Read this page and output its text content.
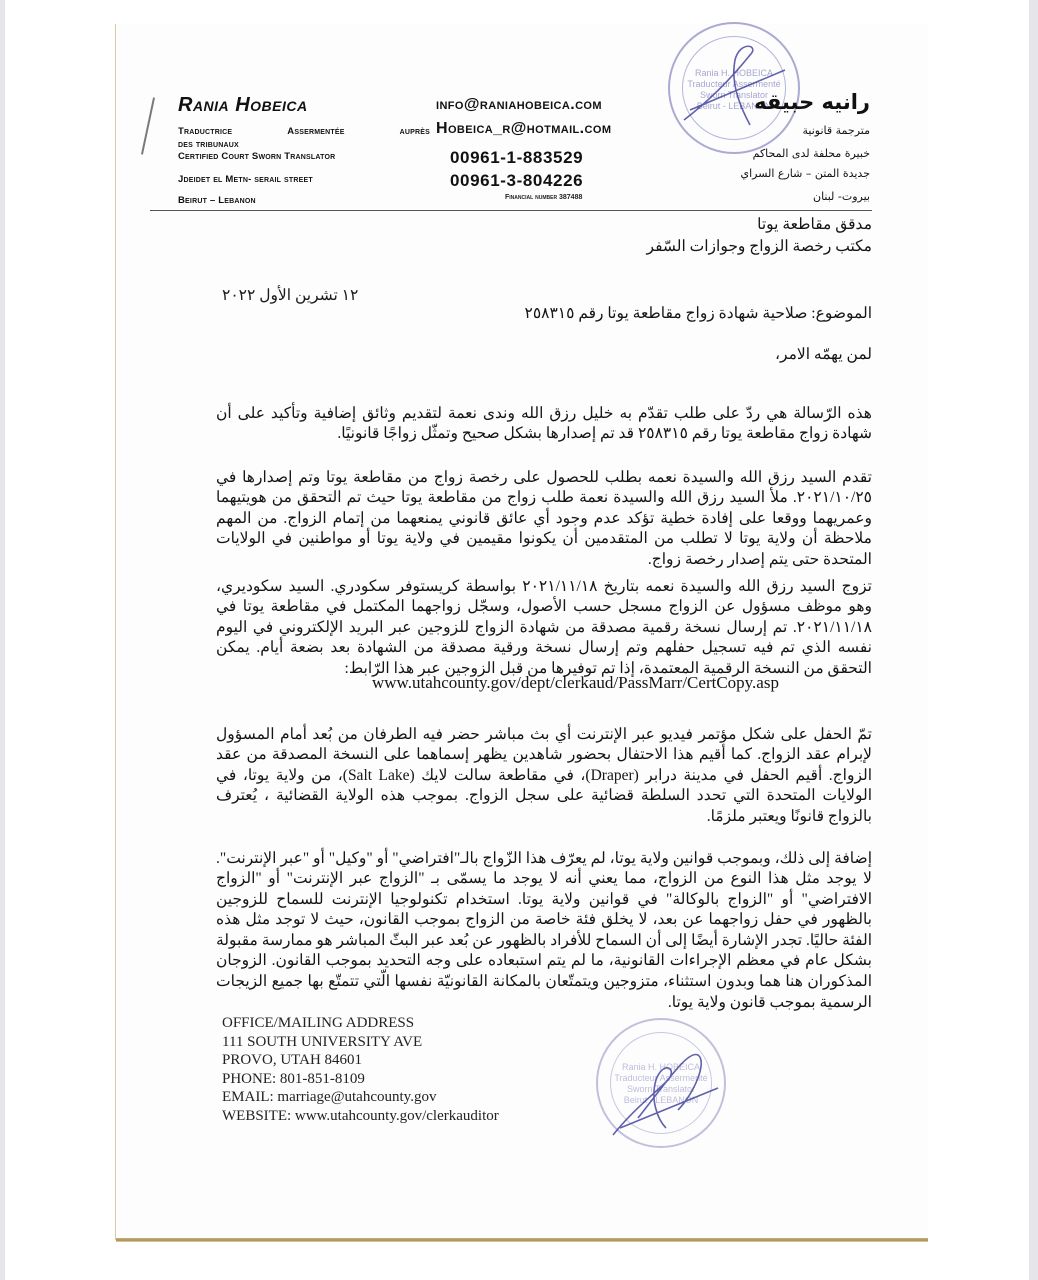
Rania Hobeica
Traductrice	Assermentée	auprès
des tribunaux
Certified Court Sworn Translator
Jdeidet el Metn- serail street
Beirut – Lebanon
info@raniahobeica.com
Hobeica_r@hotmail.com
00961-1-883529
00961-3-804226
Financial number 387488
Rania H. HOBEICA
Traducteur Assermenté
Sworn Translator
Beirut - LEBANON
رانيه حبيقه
مترجمة قانونية
خبيرة محلفة لدى المحاكم
جديدة المتن – شارع السراي
بيروت- لبنان
مدقق مقاطعة يوتا
مكتب رخصة الزواج وجوازات السّفر
١٢ تشرين الأول ٢٠٢٢
الموضوع: صلاحية شهادة زواج مقاطعة يوتا رقم ٢٥٨٣١٥
لمن يهمّه الامر،

هذه الرّسالة هي ردّ على طلب تقدّم به خليل رزق الله وندى نعمة لتقديم وثائق إضافية وتأكيد على أن شهادة زواج مقاطعة يوتا رقم ٢٥٨٣١٥ قد تم إصدارها بشكل صحيح وتمثّل زواجًا قانونيًا.

تقدم السيد رزق الله والسيدة نعمه بطلب للحصول على رخصة زواج من مقاطعة يوتا وتم إصدارها في ٢٠٢١/١٠/٢٥. ملأ السيد رزق الله والسيدة نعمة طلب زواج من مقاطعة يوتا حيث تم التحقق من هويتيهما وعمريهما ووقعا على إفادة خطية تؤكد عدم وجود أي عائق قانوني يمنعهما من إتمام الزواج. من المهم ملاحظة أن ولاية يوتا لا تطلب من المتقدمين أن يكونوا مقيمين في ولاية يوتا أو مواطنين في الولايات المتحدة حتى يتم إصدار رخصة زواج.

تزوج السيد رزق الله والسيدة نعمه بتاريخ ٢٠٢١/١١/١٨ بواسطة كريستوفر سكودري. السيد سكوديري، وهو موظف مسؤول عن الزواج مسجل حسب الأصول، وسجّل زواجهما المكتمل في مقاطعة يوتا في ٢٠٢١/١١/١٨. تم إرسال نسخة رقمية مصدقة من شهادة الزواج للزوجين عبر البريد الإلكتروني في اليوم نفسه الذي تم فيه تسجيل حفلهم وتم إرسال نسخة ورقية مصدقة من الشهادة بعد بضعة أيام. يمكن التحقق من النسخة الرقمية المعتمدة، إذا تم توفيرها من قبل الزوجين عبر هذا الرّابط:

www.utahcounty.gov/dept/clerkaud/PassMarr/CertCopy.asp

تمّ الحفل على شكل مؤتمر فيديو عبر الإنترنت أي بث مباشر حضر فيه الطرفان من بُعد أمام المسؤول لإبرام عقد الزواج. كما أقيم هذا الاحتفال بحضور شاهدين يظهر إسماهما على النسخة المصدقة من عقد الزواج. أقيم الحفل في مدينة درابر (Draper)، في مقاطعة سالت لايك (Salt Lake)، من ولاية يوتا، في الولايات المتحدة التي تحدد السلطة قضائية على سجل الزواج. بموجب هذه الولاية القضائية ، يُعترف بالزواج قانونًا ويعتبر ملزمًا.

إضافة إلى ذلك، وبموجب قوانين ولاية يوتا، لم يعرّف هذا الزّواج بالـ"افتراضي" أو "وكيل" أو "عبر الإنترنت". لا يوجد مثل هذا النوع من الزواج، مما يعني أنه لا يوجد ما يسمّى بـ "الزواج عبر الإنترنت" أو "الزواج الافتراضي" أو "الزواج بالوكالة" في قوانين ولاية يوتا. استخدام تكنولوجيا الإنترنت للسماح للزوجين بالظهور في حفل زواجهما عن بعد، لا يخلق فئة خاصة من الزواج بموجب القانون، حيث لا توجد مثل هذه الفئة حاليًا. تجدر الإشارة أيضًا إلى أن السماح للأفراد بالظهور عن بُعد عبر البثّ المباشر هو ممارسة مقبولة بشكل عام في معظم الإجراءات القانونية، ما لم يتم استبعاده على وجه التحديد بموجب القانون. الزوجان المذكوران هنا هما وبدون استثناء، متزوجين ويتمتّعان بالمكانة القانونيّة نفسها الّتي تتمتّع بها جميع الزيجات الرسمية بموجب قانون ولاية يوتا.

OFFICE/MAILING ADDRESS
111 SOUTH UNIVERSITY AVE
PROVO, UTAH 84601
PHONE: 801-851-8109
EMAIL: marriage@utahcounty.gov
WEBSITE: www.utahcounty.gov/clerkauditor
Rania H. HOBEICA
Traducteur Assermenté
Sworn Translator
Beirut - LEBANON
